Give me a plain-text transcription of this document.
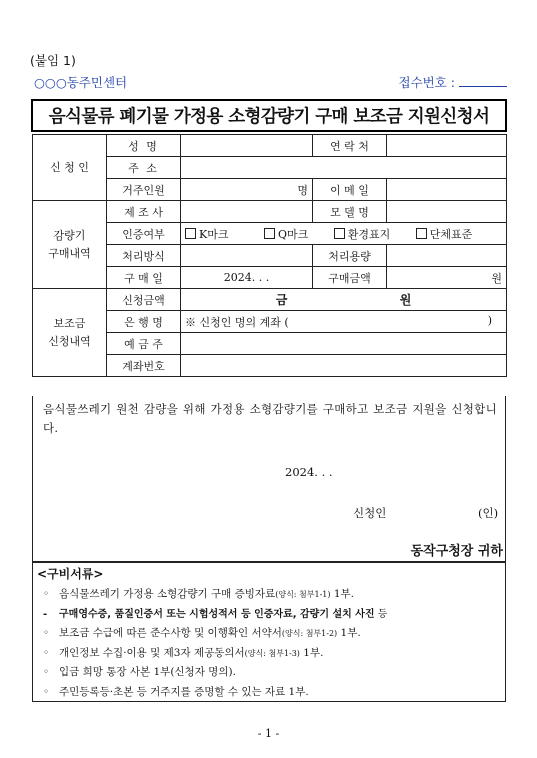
(붙임 1)
○○○동주민센터	접수번호 :
음식물류 폐기물 가정용 소형감량기 구매 보조금 지원신청서
신 청 인	성 명		연 락 처	
	주 소			
	거주인원	명	이 메 일	

감량기
구매내역	제 조 사		모 델 명	
	인증여부	K마크 Q마크 환경표지 단체표준		
	처리방식		처리용량	
	구 매 일	2024. . .	구매금액	원

보조금
신청내역	신청금액	금 원		
	은 행 명	※ 신청인 명의 계좌 ( )		

	예 금 주			
	계좌번호			
음식물쓰레기 원천 감량을 위해 가정용 소형감량기를 구매하고 보조금 지원을 신청합니다.
2024. . .
신청인	(인)
동작구청장 귀하
<구비서류>
◦ 음식물쓰레기 가정용 소형감량기 구매 증빙자료(양식: 첨부1-1) 1부.
- 구매영수증, 품질인증서 또는 시험성적서 등 인증자료, 감량기 설치 사진 등
◦ 보조금 수급에 따른 준수사항 및 이행확인 서약서(양식: 첨부1-2) 1부.
◦ 개인정보 수집·이용 및 제3자 제공동의서(양식: 첨부1-3) 1부.
◦ 입금 희망 통장 사본 1부(신청자 명의).
◦ 주민등록등·초본 등 거주지를 증명할 수 있는 자료 1부.
- 1 -
